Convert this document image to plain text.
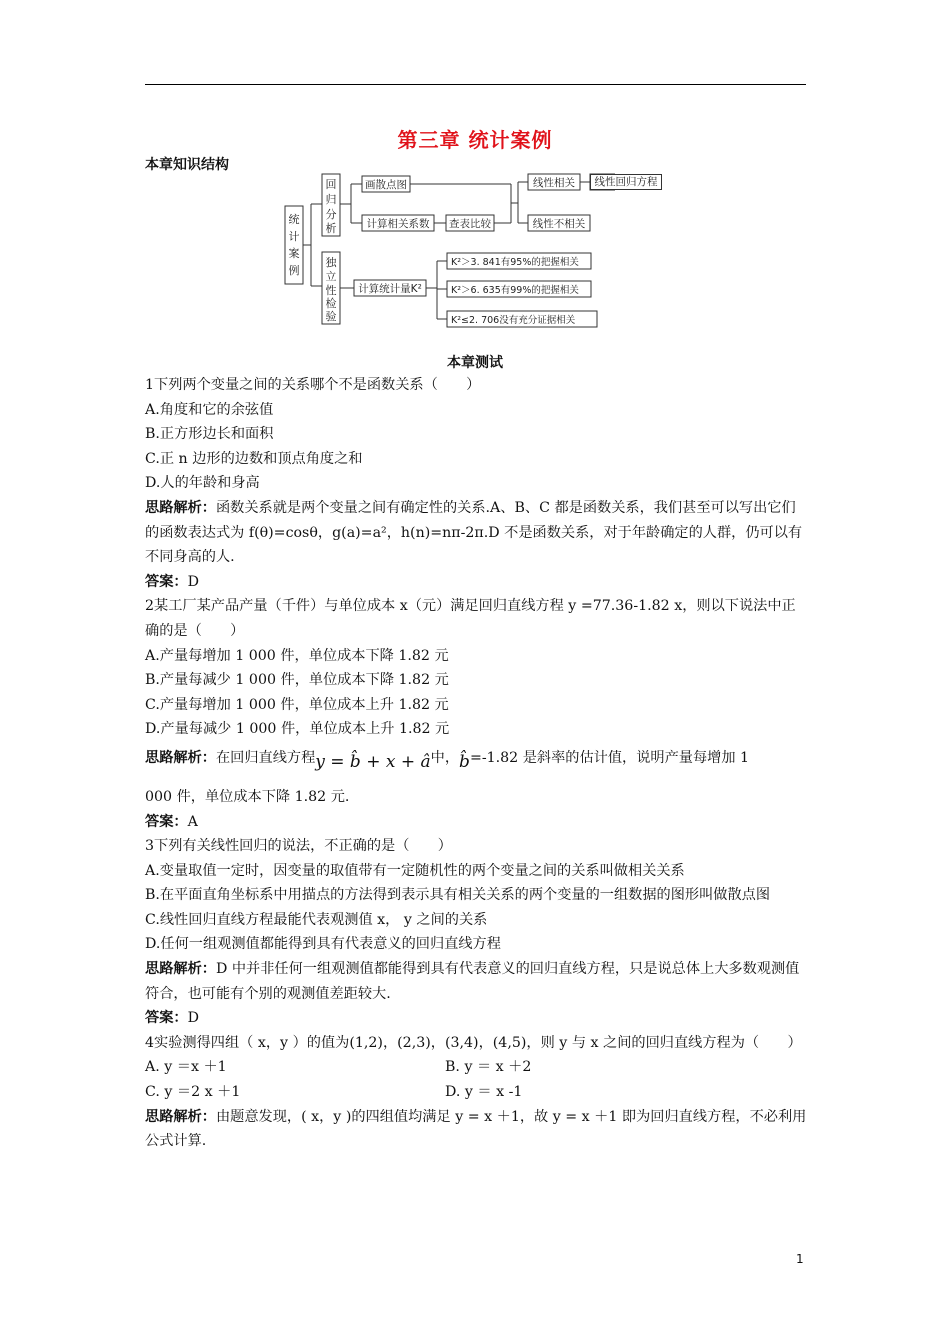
第三章 统计案例
本章知识结构
统
计
案
例
回
归
分
析
独
立
性
检
验
画散点图
计算相关系数 查表比较
线性相关
线性不相关
计算统计量K²
K²＞3. 841有95%的把握相关
K²＞6. 635有99%的把握相关
K²≤2. 706没有充分证据相关
线性回归方程
本章测试

1下列两个变量之间的关系哪个不是函数关系（　　）

A.角度和它的余弦值

B.正方形边长和面积

C.正 n 边形的边数和顶点角度之和

D.人的年龄和身高

思路解析：函数关系就是两个变量之间有确定性的关系.A、B、C 都是函数关系，我们甚至可以写出它们的函数表达式为 f(θ)=cosθ，g(a)=a²，h(n)=nπ-2π.D 不是函数关系，对于年龄确定的人群，仍可以有不同身高的人.

答案：D

2某工厂某产品产量（千件）与单位成本 x（元）满足回归直线方程 y =77.36-1.82 x，则以下说法中正确的是（　　）

A.产量每增加 1 000 件，单位成本下降 1.82 元

B.产量每减少 1 000 件，单位成本下降 1.82 元

C.产量每增加 1 000 件，单位成本上升 1.82 元

D.产量每减少 1 000 件，单位成本上升 1.82 元

思路解析：在回归直线方程y = b̂ + x + â中，b̂=-1.82 是斜率的估计值，说明产量每增加 1

000 件，单位成本下降 1.82 元.

答案：A

3下列有关线性回归的说法，不正确的是（　　）

A.变量取值一定时，因变量的取值带有一定随机性的两个变量之间的关系叫做相关关系

B.在平面直角坐标系中用描点的方法得到表示具有相关关系的两个变量的一组数据的图形叫做散点图

C.线性回归直线方程最能代表观测值 x， y 之间的关系

D.任何一组观测值都能得到具有代表意义的回归直线方程

思路解析：D 中并非任何一组观测值都能得到具有代表意义的回归直线方程，只是说总体上大多数观测值符合，也可能有个别的观测值差距较大.

答案：D

4实验测得四组（ x，y ）的值为(1,2)，(2,3)，(3,4)，(4,5)，则 y 与 x 之间的回归直线方程为（　　）

A. y ＝x ＋1	B. y ＝ x ＋2
C. y ＝2 x ＋1	D. y ＝ x -1

思路解析：由题意发现，( x，y )的四组值均满足 y = x ＋1，故 y = x ＋1 即为回归直线方程，不必利用公式计算.

1
